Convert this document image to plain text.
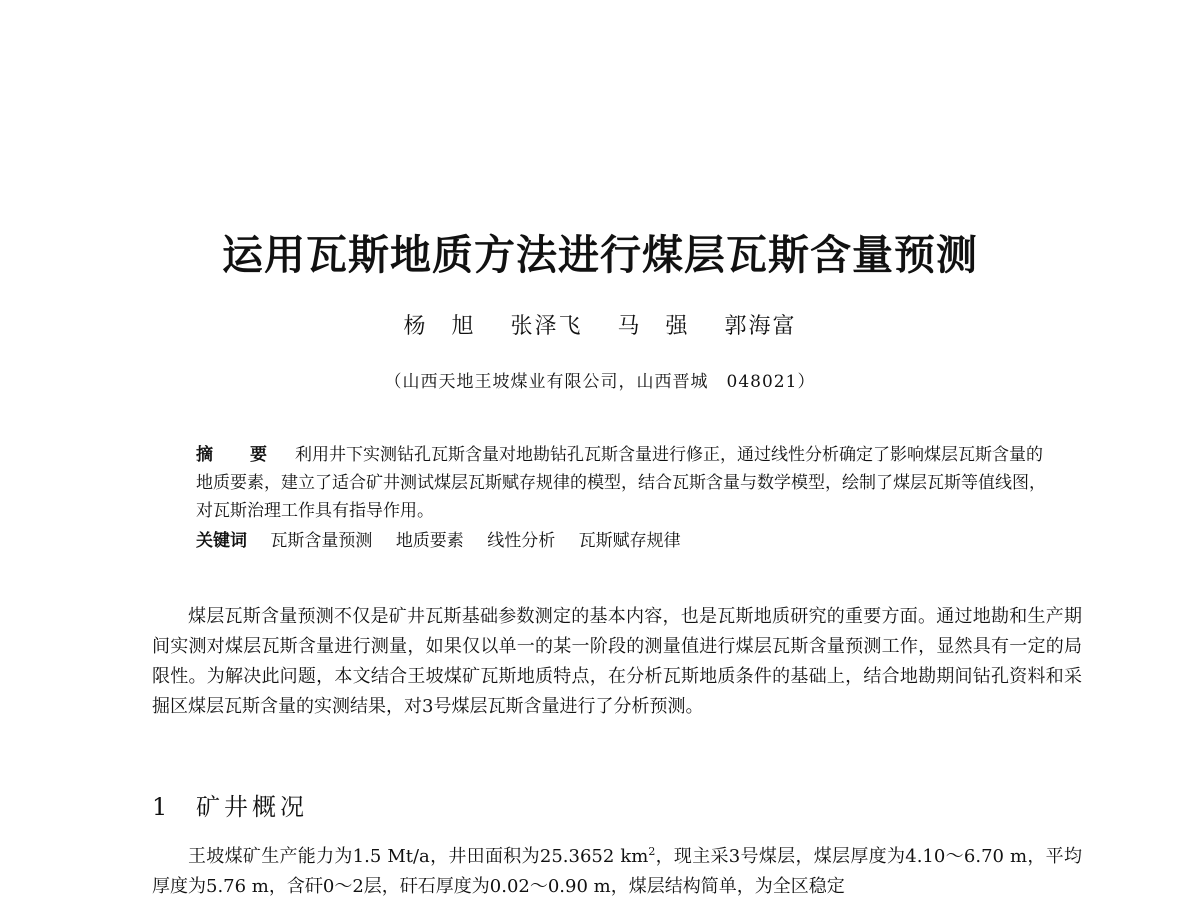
运用瓦斯地质方法进行煤层瓦斯含量预测
杨　旭 张泽飞 马　强 郭海富
（山西天地王坡煤业有限公司，山西晋城　048021）
摘　要 利用井下实测钻孔瓦斯含量对地勘钻孔瓦斯含量进行修正，通过线性分析确定了影响煤层瓦斯含量的地质要素，建立了适合矿井测试煤层瓦斯赋存规律的模型，结合瓦斯含量与数学模型，绘制了煤层瓦斯等值线图，对瓦斯治理工作具有指导作用。
关键词 瓦斯含量预测 地质要素 线性分析 瓦斯赋存规律

煤层瓦斯含量预测不仅是矿井瓦斯基础参数测定的基本内容，也是瓦斯地质研究的重要方面。通过地勘和生产期间实测对煤层瓦斯含量进行测量，如果仅以单一的某一阶段的测量值进行煤层瓦斯含量预测工作，显然具有一定的局限性。为解决此问题，本文结合王坡煤矿瓦斯地质特点，在分析瓦斯地质条件的基础上，结合地勘期间钻孔资料和采掘区煤层瓦斯含量的实测结果，对3号煤层瓦斯含量进行了分析预测。

1 矿井概况

王坡煤矿生产能力为1.5 Mt/a，井田面积为25.3652 $km^2$，现主采3号煤层，煤层厚度为4.10～6.70 m，平均厚度为5.76 m，含矸0～2层，矸石厚度为0.02～0.90 m，煤层结构简单，为全区稳定
